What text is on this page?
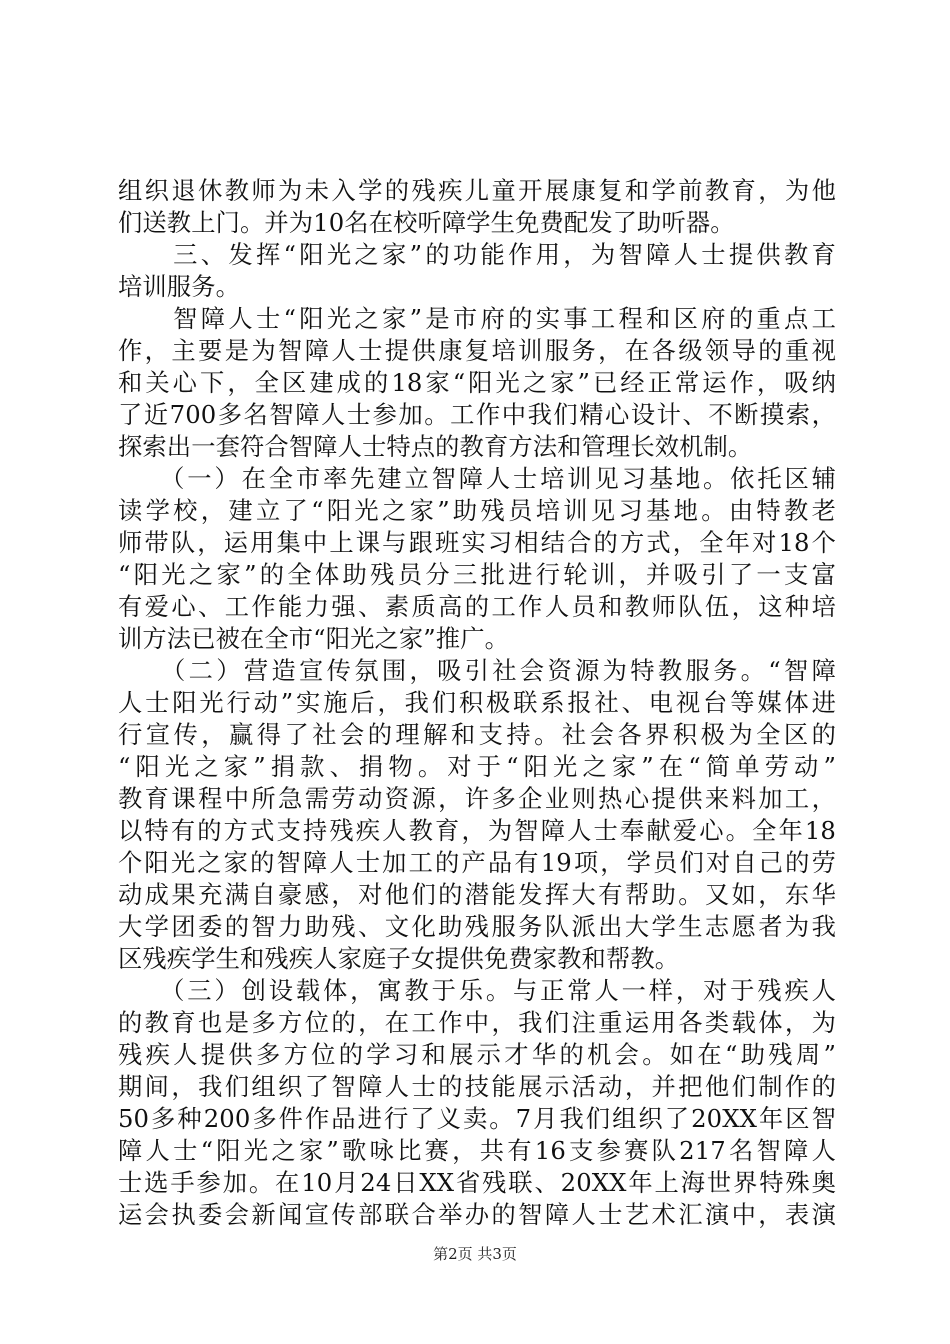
组织退休教师为未入学的残疾儿童开展康复和学前教育，为他
们送教上门。并为10名在校听障学生免费配发了助听器。
　　三、发挥“阳光之家”的功能作用，为智障人士提供教育
培训服务。
　　智障人士“阳光之家”是市府的实事工程和区府的重点工
作，主要是为智障人士提供康复培训服务，在各级领导的重视
和关心下，全区建成的18家“阳光之家”已经正常运作，吸纳
了近700多名智障人士参加。工作中我们精心设计、不断摸索，
探索出一套符合智障人士特点的教育方法和管理长效机制。
　　（一）在全市率先建立智障人士培训见习基地。依托区辅
读学校，建立了“阳光之家”助残员培训见习基地。由特教老
师带队，运用集中上课与跟班实习相结合的方式，全年对18个
“阳光之家”的全体助残员分三批进行轮训，并吸引了一支富
有爱心、工作能力强、素质高的工作人员和教师队伍，这种培
训方法已被在全市“阳光之家”推广。
　　（二）营造宣传氛围，吸引社会资源为特教服务。“智障
人士阳光行动”实施后，我们积极联系报社、电视台等媒体进
行宣传，赢得了社会的理解和支持。社会各界积极为全区的
“阳光之家”捐款、捐物。对于“阳光之家”在“简单劳动”
教育课程中所急需劳动资源，许多企业则热心提供来料加工，
以特有的方式支持残疾人教育，为智障人士奉献爱心。全年18
个阳光之家的智障人士加工的产品有19项，学员们对自己的劳
动成果充满自豪感，对他们的潜能发挥大有帮助。又如，东华
大学团委的智力助残、文化助残服务队派出大学生志愿者为我
区残疾学生和残疾人家庭子女提供免费家教和帮教。
　　（三）创设载体，寓教于乐。与正常人一样，对于残疾人
的教育也是多方位的，在工作中，我们注重运用各类载体，为
残疾人提供多方位的学习和展示才华的机会。如在“助残周”
期间，我们组织了智障人士的技能展示活动，并把他们制作的
50多种200多件作品进行了义卖。7月我们组织了20XX年区智
障人士“阳光之家”歌咏比赛，共有16支参赛队217名智障人
士选手参加。在10月24日XX省残联、20XX年上海世界特殊奥
运会执委会新闻宣传部联合举办的智障人士艺术汇演中，表演
第2页 共3页
